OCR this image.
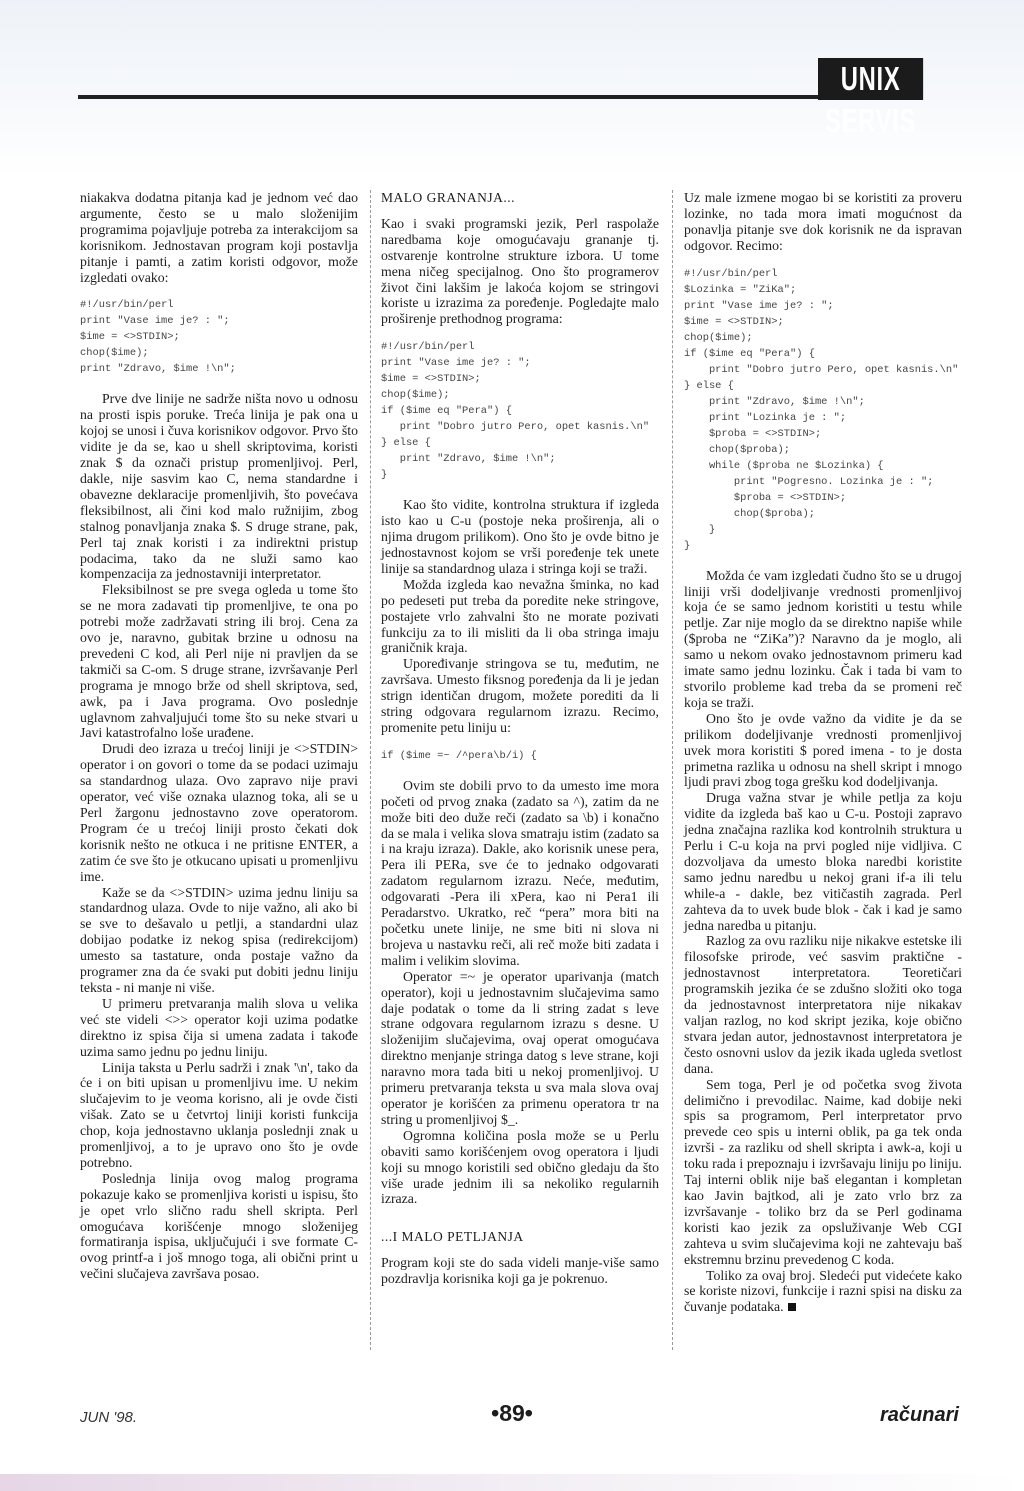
UNIX SERVIS

niakakva dodatna pitanja kad je jednom već dao argumente, često se u malo složenijim programima pojavljuje potreba za interakcijom sa korisnikom. Jednostavan program koji postavlja pitanje i pamti, a zatim koristi odgovor, može izgledati ovako:

#!/usr/bin/perl
print "Vase ime je? : ";
$ime = <>STDIN>;
chop($ime);
print "Zdravo, $ime !\n";

Prve dve linije ne sadrže ništa novo u odnosu na prosti ispis poruke. Treća linija je pak ona u kojoj se unosi i čuva korisnikov odgovor. Prvo što vidite je da se, kao u shell skriptovima, koristi znak $ da označi pristup promenljivoj. Perl, dakle, nije sasvim kao C, nema standardne i obavezne deklaracije promenljivih, što povećava fleksibilnost, ali čini kod malo ružnijim, zbog stalnog ponavljanja znaka $. S druge strane, pak, Perl taj znak koristi i za indirektni pristup podacima, tako da ne služi samo kao kompenzacija za jednostavniji interpretator.

Fleksibilnost se pre svega ogleda u tome što se ne mora zadavati tip promenljive, te ona po potrebi može zadržavati string ili broj. Cena za ovo je, naravno, gubitak brzine u odnosu na prevedeni C kod, ali Perl nije ni pravljen da se takmiči sa C-om. S druge strane, izvršavanje Perl programa je mnogo brže od shell skriptova, sed, awk, pa i Java programa. Ovo poslednje uglavnom zahvaljujući tome što su neke stvari u Javi katastrofalno loše urađene.

Drudi deo izraza u trećoj liniji je <>STDIN> operator i on govori o tome da se podaci uzimaju sa standardnog ulaza. Ovo zapravo nije pravi operator, već više oznaka ulaznog toka, ali se u Perl žargonu jednostavno zove operatorom. Program će u trećoj liniji prosto čekati dok korisnik nešto ne otkuca i ne pritisne ENTER, a zatim će sve što je otkucano upisati u promenljivu ime.

Kaže se da <>STDIN> uzima jednu liniju sa standardnog ulaza. Ovde to nije važno, ali ako bi se sve to dešavalo u petlji, a standardni ulaz dobijao podatke iz nekog spisa (redirekcijom) umesto sa tastature, onda postaje važno da programer zna da će svaki put dobiti jednu liniju teksta - ni manje ni više.

U primeru pretvaranja malih slova u velika već ste videli <>> operator koji uzima podatke direktno iz spisa čija si umena zadata i takođe uzima samo jednu po jednu liniju.

Linija taksta u Perlu sadrži i znak '\n', tako da će i on biti upisan u promenljivu ime. U nekim slučajevim to je veoma korisno, ali je ovde čisti višak. Zato se u četvrtoj liniji koristi funkcija chop, koja jednostavno uklanja poslednji znak u promenljivoj, a to je upravo ono što je ovde potrebno.

Poslednja linija ovog malog programa pokazuje kako se promenljiva koristi u ispisu, što je opet vrlo slično radu shell skripta. Perl omogućava korišćenje mnogo složenijeg formatiranja ispisa, uključujući i sve formate C-ovog printf-a i još mnogo toga, ali obični print u večini slučajeva završava posao.

MALO GRANANJA...

Kao i svaki programski jezik, Perl raspolaže naredbama koje omogućavaju grananje tj. ostvarenje kontrolne strukture izbora. U tome mena ničeg specijalnog. Ono što programerov život čini lakšim je lakoća kojom se stringovi koriste u izrazima za poređenje. Pogledajte malo proširenje prethodnog programa:

#!/usr/bin/perl
print "Vase ime je? : ";
$ime = <>STDIN>;
chop($ime);
if ($ime eq "Pera") {
print "Dobro jutro Pero, opet kasnis.\n"
} else {
print "Zdravo, $ime !\n";
}

Kao što vidite, kontrolna struktura if izgleda isto kao u C-u (postoje neka proširenja, ali o njima drugom prilikom). Ono što je ovde bitno je jednostavnost kojom se vrši poređenje tek unete linije sa standardnog ulaza i stringa koji se traži.

Možda izgleda kao nevažna šminka, no kad po pedeseti put treba da poredite neke stringove, postajete vrlo zahvalni što ne morate pozivati funkciju za to ili misliti da li oba stringa imaju graničnik kraja.

Upoređivanje stringova se tu, međutim, ne završava. Umesto fiksnog poređenja da li je jedan strign identičan drugom, možete porediti da li string odgovara regularnom izrazu. Recimo, promenite petu liniju u:

if ($ime =~ /^pera\b/i) {

Ovim ste dobili prvo to da umesto ime mora početi od prvog znaka (zadato sa ^), zatim da ne može biti deo duže reči (zadato sa \b) i konačno da se mala i velika slova smatraju istim (zadato sa i na kraju izraza). Dakle, ako korisnik unese pera, Pera ili PERa, sve će to jednako odgovarati zadatom regularnom izrazu. Neće, međutim, odgovarati -Pera ili xPera, kao ni Pera1 ili Peradarstvo. Ukratko, reč “pera” mora biti na početku unete linije, ne sme biti ni slova ni brojeva u nastavku reči, ali reč može biti zadata i malim i velikim slovima.

Operator =~ je operator uparivanja (match operator), koji u jednostavnim slučajevima samo daje podatak o tome da li string zadat s leve strane odgovara regularnom izrazu s desne. U složenijim slučajevima, ovaj operat omogućava direktno menjanje stringa datog s leve strane, koji naravno mora tada biti u nekoj promenljivoj. U primeru pretvaranja teksta u sva mala slova ovaj operator je korišćen za primenu operatora tr na string u promenljivoj $_.

Ogromna količina posla može se u Perlu obaviti samo korišćenjem ovog operatora i ljudi koji su mnogo koristili sed obično gledaju da što više urade jednim ili sa nekoliko regularnih izraza.

...I MALO PETLJANJA

Program koji ste do sada videli manje-više samo pozdravlja korisnika koji ga je pokrenuo.

Uz male izmene mogao bi se koristiti za proveru lozinke, no tada mora imati mogućnost da ponavlja pitanje sve dok korisnik ne da ispravan odgovor. Recimo:

#!/usr/bin/perl
$Lozinka = "ZiKa";
print "Vase ime je? : ";
$ime = <>STDIN>;
chop($ime);
if ($ime eq "Pera") {
print "Dobro jutro Pero, opet kasnis.\n"
} else {
print "Zdravo, $ime !\n";
print "Lozinka je : ";
$proba = <>STDIN>;
chop($proba);
while ($proba ne $Lozinka) {
print "Pogresno. Lozinka je : ";
$proba = <>STDIN>;
chop($proba);
}
}

Možda će vam izgledati čudno što se u drugoj liniji vrši dodeljivanje vrednosti promenljivoj koja će se samo jednom koristiti u testu while petlje. Zar nije moglo da se direktno napiše while ($proba ne “ZiKa”)? Naravno da je moglo, ali samo u nekom ovako jednostavnom primeru kad imate samo jednu lozinku. Čak i tada bi vam to stvorilo probleme kad treba da se promeni reč koja se traži.

Ono što je ovde važno da vidite je da se prilikom dodeljivanje vrednosti promenljivoj uvek mora koristiti $ pored imena - to je dosta primetna razlika u odnosu na shell skript i mnogo ljudi pravi zbog toga grešku kod dodeljivanja.

Druga važna stvar je while petlja za koju vidite da izgleda baš kao u C-u. Postoji zapravo jedna značajna razlika kod kontrolnih struktura u Perlu i C-u koja na prvi pogled nije vidljiva. C dozvoljava da umesto bloka naredbi koristite samo jednu naredbu u nekoj grani if-a ili telu while-a - dakle, bez vitičastih zagrada. Perl zahteva da to uvek bude blok - čak i kad je samo jedna naredba u pitanju.

Razlog za ovu razliku nije nikakve estetske ili filosofske prirode, već sasvim praktične - jednostavnost interpretatora. Teoretičari programskih jezika će se zdušno složiti oko toga da jednostavnost interpretatora nije nikakav valjan razlog, no kod skript jezika, koje obično stvara jedan autor, jednostavnost interpretatora je često osnovni uslov da jezik ikada ugleda svetlost dana.

Sem toga, Perl je od početka svog života delimično i prevodilac. Naime, kad dobije neki spis sa programom, Perl interpretator prvo prevede ceo spis u interni oblik, pa ga tek onda izvrši - za razliku od shell skripta i awk-a, koji u toku rada i prepoznaju i izvršavaju liniju po liniju. Taj interni oblik nije baš elegantan i kompletan kao Javin bajtkod, ali je zato vrlo brz za izvršavanje - toliko brz da se Perl godinama koristi kao jezik za opsluživanje Web CGI zahteva u svim slučajevima koji ne zahtevaju baš ekstremnu brzinu prevedenog C koda.

Toliko za ovaj broj. Sledeći put videćete kako se koriste nizovi, funkcije i razni spisi na disku za čuvanje podataka.

JUN '98.	•89•	računari
